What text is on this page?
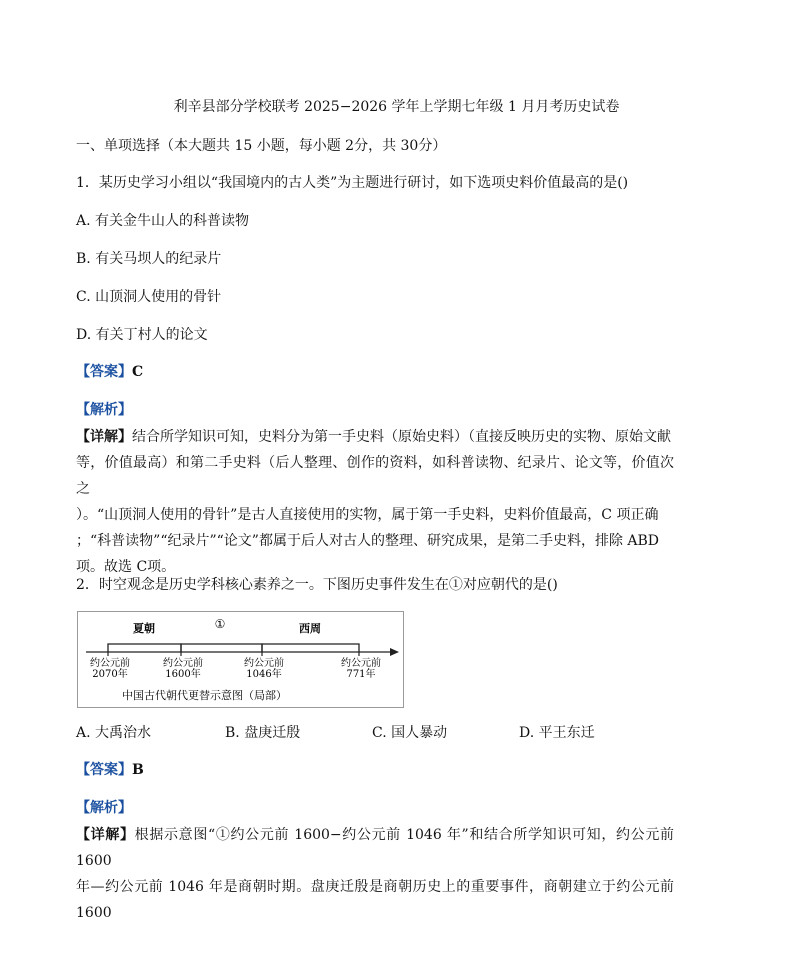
利辛县部分学校联考 2025−2026 学年上学期七年级 1 月月考历史试卷
一、单项选择（本大题共 15 小题，每小题 2分，共 30分）
1．某历史学习小组以“我国境内的古人类”为主题进行研讨，如下选项史料价值最高的是()
A. 有关金牛山人的科普读物
B. 有关马坝人的纪录片
C. 山顶洞人使用的骨针
D. 有关丁村人的论文
【答案】C
【解析】
【详解】结合所学知识可知，史料分为第一手史料（原始史料）（直接反映历史的实物、原始文献
等，价值最高）和第二手史料（后人整理、创作的资料，如科普读物、纪录片、论文等，价值次之
）。“山顶洞人使用的骨针”是古人直接使用的实物，属于第一手史料，史料价值最高，C 项正确
；“科普读物”“纪录片”“论文”都属于后人对古人的整理、研究成果，是第二手史料，排除 ABD
项。故选 C项。
2．时空观念是历史学科核心素养之一。下图历史事件发生在①对应朝代的是()
夏朝	①	西周
约公元前
2070年
约公元前
1600年
约公元前
1046年
约公元前
771年
中国古代朝代更替示意图（局部）
A. 大禹治水	B. 盘庚迁殷	C. 国人暴动	D. 平王东迁
【答案】B
【解析】
【详解】根据示意图“①约公元前 1600−约公元前 1046 年”和结合所学知识可知，约公元前 1600
年—约公元前 1046 年是商朝时期。盘庚迁殷是商朝历史上的重要事件，商朝建立于约公元前 1600
